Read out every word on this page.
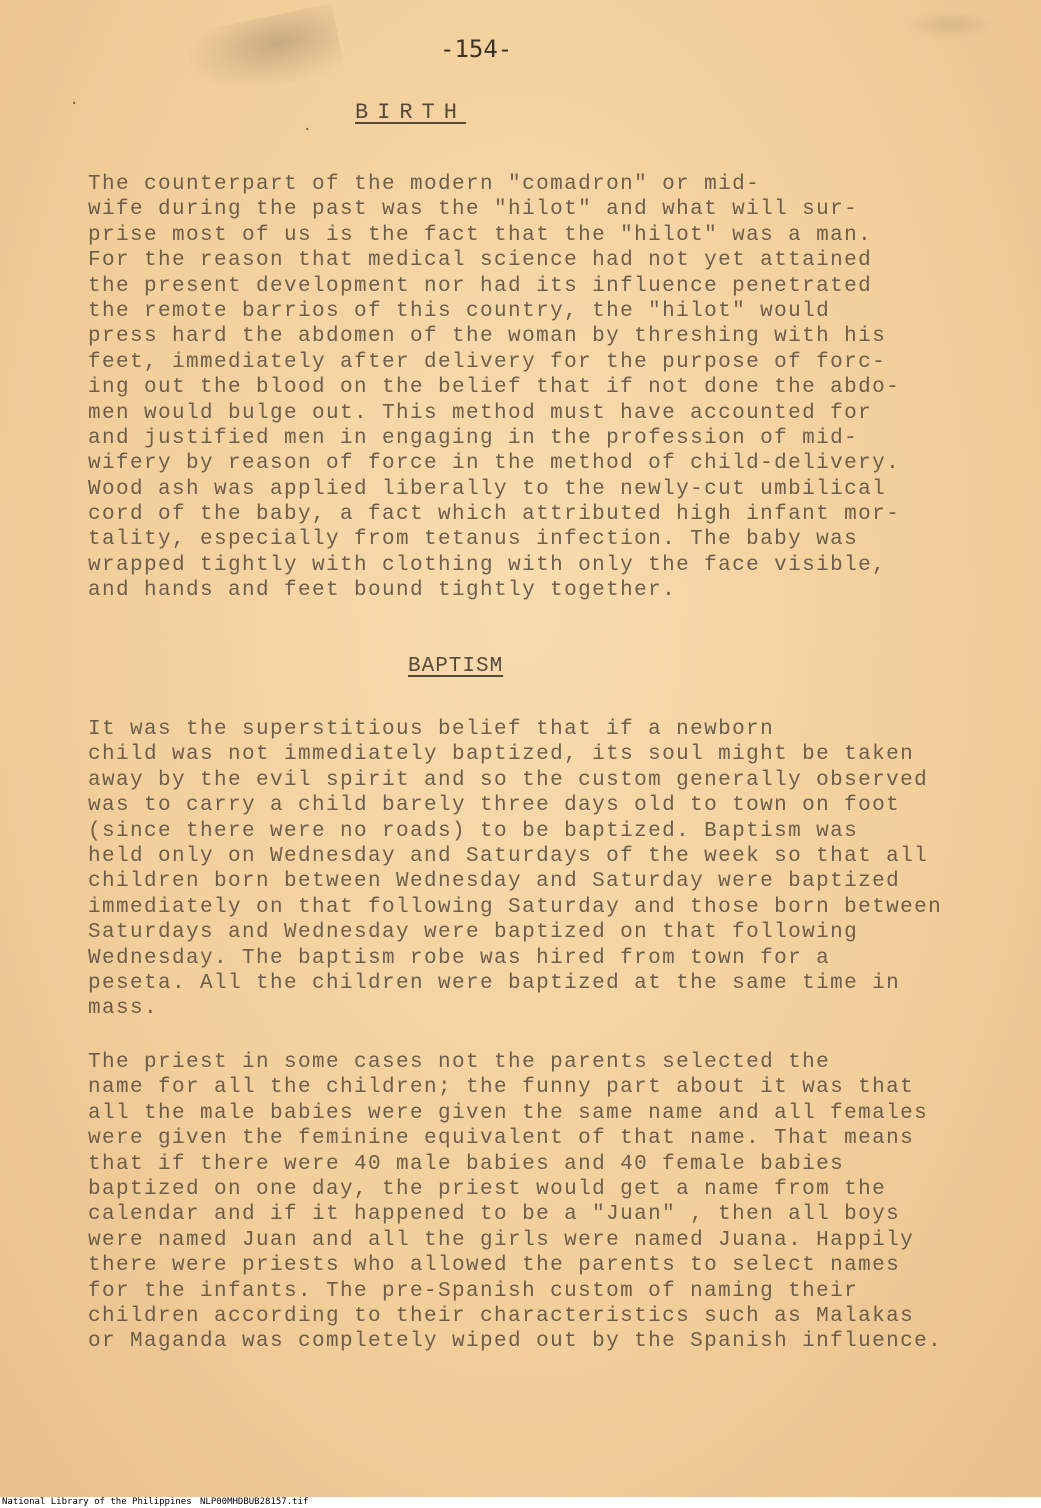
.
.
-154-
BIRTH
The counterpart of the modern "comadron" or mid-
wife during the past was the "hilot" and what will sur-
prise most of us is the fact that the "hilot" was a man.
For the reason that medical science had not yet attained
the present development nor had its influence penetrated
the remote barrios of this country, the "hilot" would
press hard the abdomen of the woman by threshing with his
feet, immediately after delivery for the purpose of forc-
ing out the blood on the belief that if not done the abdo-
men would bulge out. This method must have accounted for
and justified men in engaging in the profession of mid-
wifery by reason of force in the method of child-delivery.
Wood ash was applied liberally to the newly-cut umbilical
cord of the baby, a fact which attributed high infant mor-
tality, especially from tetanus infection. The baby was
wrapped tightly with clothing with only the face visible,
and hands and feet bound tightly together.
BAPTISM
It was the superstitious belief that if a newborn
child was not immediately baptized, its soul might be taken
away by the evil spirit and so the custom generally observed
was to carry a child barely three days old to town on foot
(since there were no roads) to be baptized. Baptism was
held only on Wednesday and Saturdays of the week so that all
children born between Wednesday and Saturday were baptized
immediately on that following Saturday and those born between
Saturdays and Wednesday were baptized on that following
Wednesday. The baptism robe was hired from town for a
peseta. All the children were baptized at the same time in
mass.
The priest in some cases not the parents selected the
name for all the children; the funny part about it was that
all the male babies were given the same name and all females
were given the feminine equivalent of that name. That means
that if there were 40 male babies and 40 female babies
baptized on one day, the priest would get a name from the
calendar and if it happened to be a "Juan" , then all boys
were named Juan and all the girls were named Juana. Happily
there were priests who allowed the parents to select names
for the infants. The pre-Spanish custom of naming their
children according to their characteristics such as Malakas
or Maganda was completely wiped out by the Spanish influence.
National Library of the Philippines NLP00MHDBUB28157.tif
